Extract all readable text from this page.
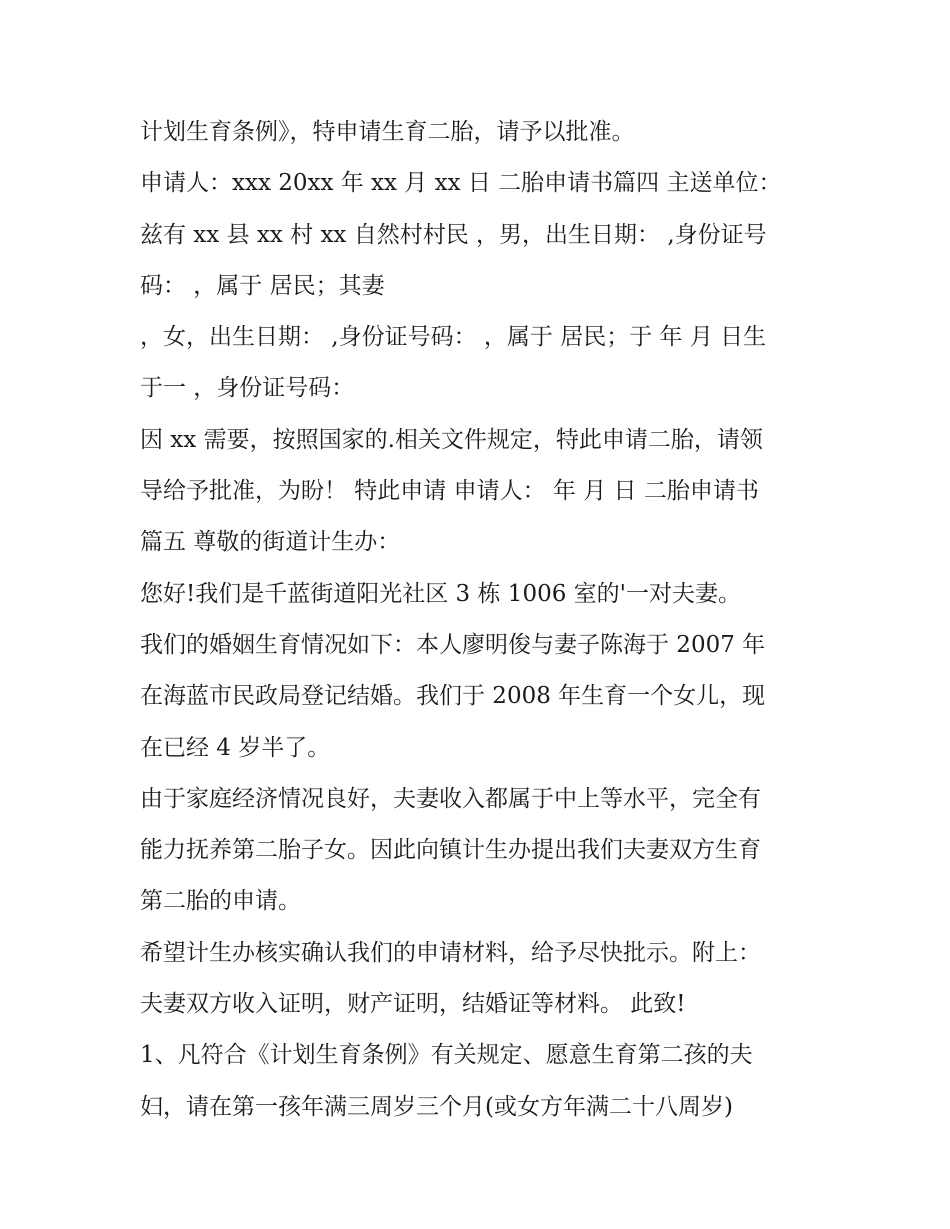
计划生育条例》，特申请生育二胎，请予以批准。

申请人：xxx 20xx 年 xx 月 xx 日 二胎申请书篇四 主送单位：

兹有 xx 县 xx 村 xx 自然村村民 ，男，出生日期： ,身份证号

码： ，属于 居民；其妻

，女，出生日期： ,身份证号码： ，属于 居民；于 年 月 日生

于一 ，身份证号码：

因 xx 需要，按照国家的.相关文件规定，特此申请二胎，请领

导给予批准，为盼！ 特此申请 申请人： 年 月 日 二胎申请书

篇五 尊敬的街道计生办：

您好!我们是千蓝街道阳光社区 3 栋 1006 室的'一对夫妻。

我们的婚姻生育情况如下：本人廖明俊与妻子陈海于 2007 年

在海蓝市民政局登记结婚。我们于 2008 年生育一个女儿，现

在已经 4 岁半了。

由于家庭经济情况良好，夫妻收入都属于中上等水平，完全有

能力抚养第二胎子女。因此向镇计生办提出我们夫妻双方生育

第二胎的申请。

希望计生办核实确认我们的申请材料，给予尽快批示。附上：

夫妻双方收入证明，财产证明，结婚证等材料。 此致!

1、凡符合《计划生育条例》有关规定、愿意生育第二孩的夫

妇，请在第一孩年满三周岁三个月(或女方年满二十八周岁)
